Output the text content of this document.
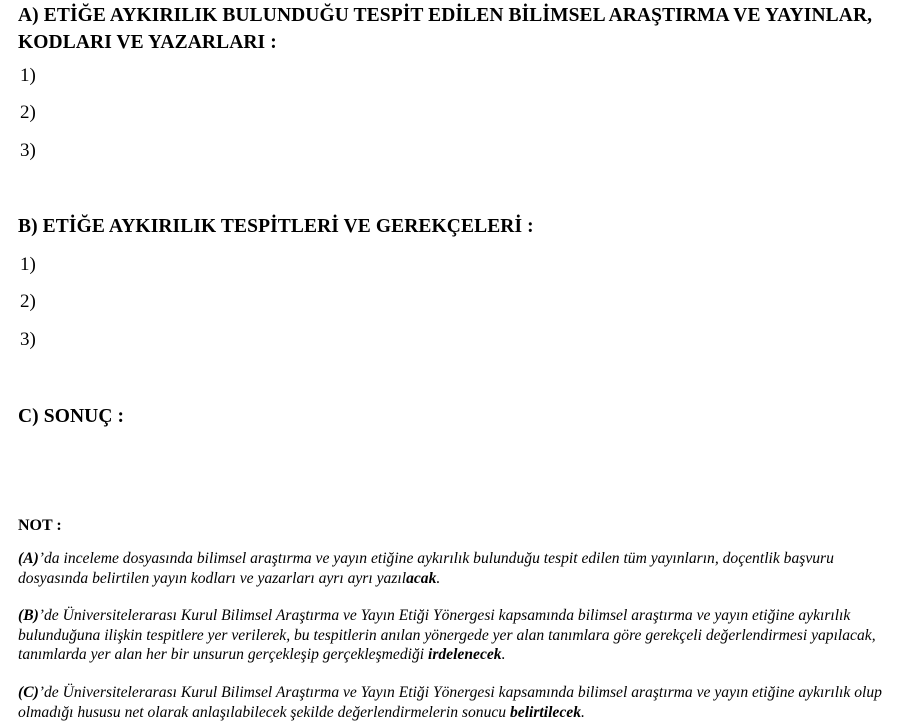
A) ETİĞE AYKIRILIK BULUNDUĞU TESPİT EDİLEN BİLİMSEL ARAŞTIRMA VE YAYINLAR, KODLARI VE YAZARLARI :

1)

2)

3)

B) ETİĞE AYKIRILIK TESPİTLERİ VE GEREKÇELERİ :

1)

2)

3)

C) SONUÇ :

NOT :

(A)’da inceleme dosyasında bilimsel araştırma ve yayın etiğine aykırılık bulunduğu tespit edilen tüm yayınların, doçentlik başvuru dosyasında belirtilen yayın kodları ve yazarları ayrı ayrı yazılacak.

(B)’de Üniversitelerarası Kurul Bilimsel Araştırma ve Yayın Etiği Yönergesi kapsamında bilimsel araştırma ve yayın etiğine aykırılık bulunduğuna ilişkin tespitlere yer verilerek, bu tespitlerin anılan yönergede yer alan tanımlara göre gerekçeli değerlendirmesi yapılacak, tanımlarda yer alan her bir unsurun gerçekleşip gerçekleşmediği irdelenecek.

(C)’de Üniversitelerarası Kurul Bilimsel Araştırma ve Yayın Etiği Yönergesi kapsamında bilimsel araştırma ve yayın etiğine aykırılık olup olmadığı hususu net olarak anlaşılabilecek şekilde değerlendirmelerin sonucu belirtilecek.
